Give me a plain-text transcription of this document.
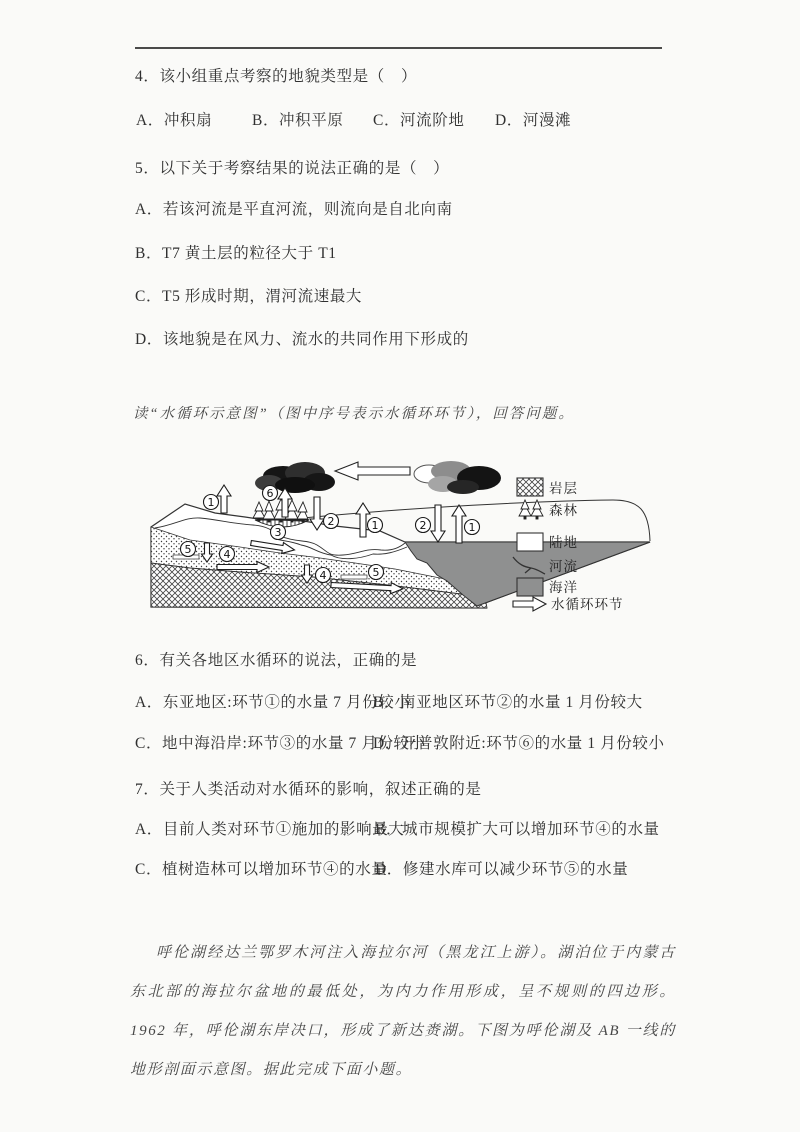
4．该小组重点考察的地貌类型是（　）
A．冲积扇	B．冲积平原 C．河流阶地 D．河漫滩
5．以下关于考察结果的说法正确的是（　）
A．若该河流是平直河流，则流向是自北向南
B．T7 黄土层的粒径大于 T1
C．T5 形成时期，渭河流速最大
D．该地貌是在风力、流水的共同作用下形成的
读“水循环示意图”（图中序号表示水循环环节），回答问题。
1
6
2	1	2	1
3
5	4
4	5
岩层
森林
陆地
河流
海洋
水循环环节
6．有关各地区水循环的说法，正确的是
A．东亚地区:环节①的水量 7 月份较小
B．南亚地区环节②的水量 1 月份较大
C．地中海沿岸:环节③的水量 7 月份较小
D．开普敦附近:环节⑥的水量 1 月份较小
7．关于人类活动对水循环的影响，叙述正确的是
A．目前人类对环节①施加的影响最大
B．城市规模扩大可以增加环节④的水量
C．植树造林可以增加环节④的水量
D．修建水库可以减少环节⑤的水量
呼伦湖经达兰鄂罗木河注入海拉尔河（黑龙江上游）。湖泊位于内蒙古东北部的海拉尔盆地的最低处，为内力作用形成，呈不规则的四边形。1962 年，呼伦湖东岸决口，形成了新达赉湖。下图为呼伦湖及 AB 一线的地形剖面示意图。据此完成下面小题。
